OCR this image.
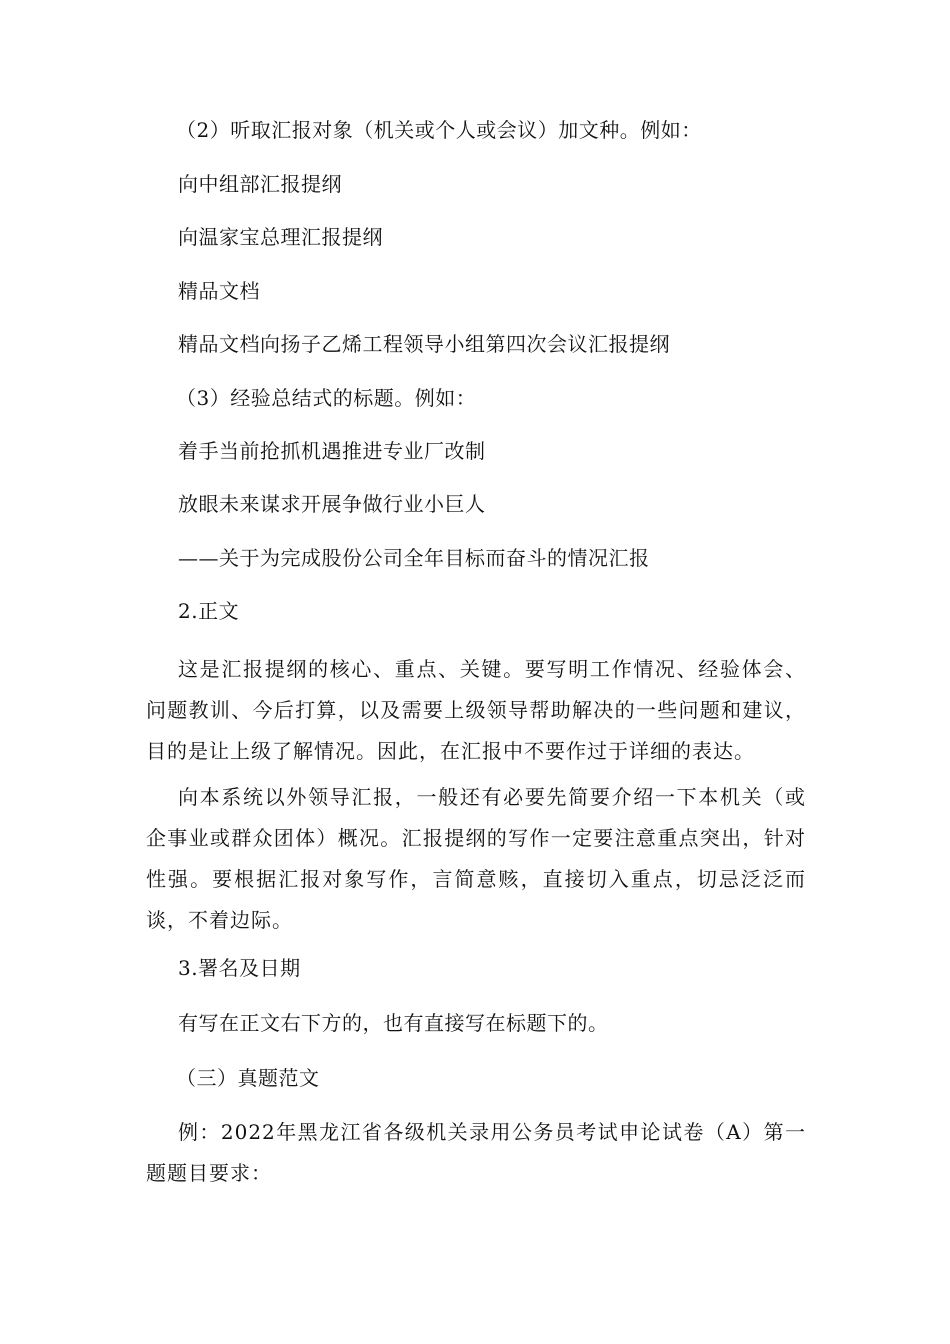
（2）听取汇报对象（机关或个人或会议）加文种。例如：
向中组部汇报提纲
向温家宝总理汇报提纲
精品文档
精品文档向扬子乙烯工程领导小组第四次会议汇报提纲
（3）经验总结式的标题。例如：
着手当前抢抓机遇推进专业厂改制
放眼未来谋求开展争做行业小巨人
——关于为完成股份公司全年目标而奋斗的情况汇报
2.正文
这是汇报提纲的核心、重点、关键。要写明工作情况、经验体会、问题教训、今后打算，以及需要上级领导帮助解决的一些问题和建议，目的是让上级了解情况。因此，在汇报中不要作过于详细的表达。
向本系统以外领导汇报，一般还有必要先简要介绍一下本机关（或企事业或群众团体）概况。汇报提纲的写作一定要注意重点突出，针对性强。要根据汇报对象写作，言简意赅，直接切入重点，切忌泛泛而谈，不着边际。
3.署名及日期
有写在正文右下方的，也有直接写在标题下的。
（三）真题范文
例：2022年黑龙江省各级机关录用公务员考试申论试卷（A）第一题题目要求：
